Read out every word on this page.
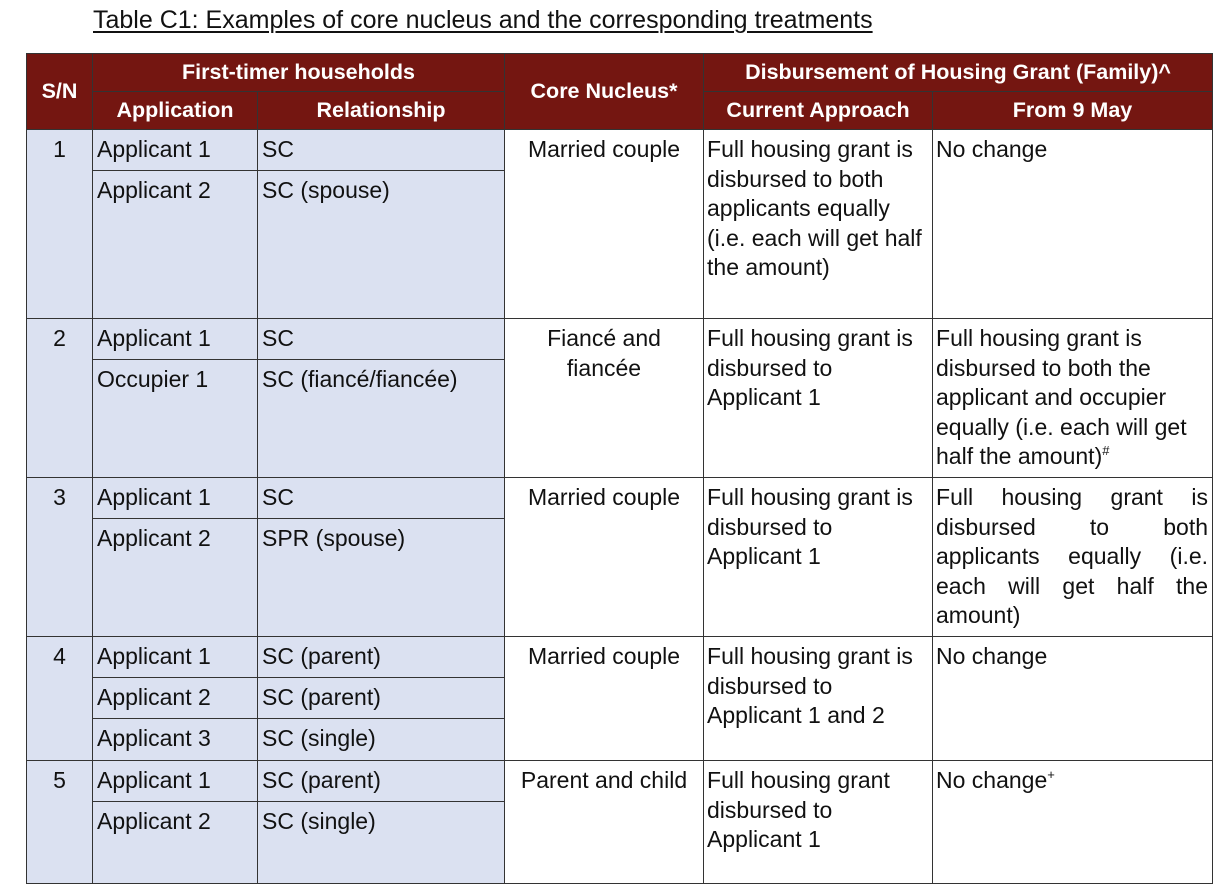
Table C1: Examples of core nucleus and the corresponding treatments
S/N	First-timer households		Core Nucleus*	Disbursement of Housing Grant (Family)^	
	Application	Relationship		Current Approach	From 9 May
1	Applicant 1	SC	Married couple	Full housing grant is disbursed to both applicants equally (i.e. each will get half the amount)	No change
	Applicant 2	SC (spouse)			
2	Applicant 1	SC	Fiancé and fiancée	Full housing grant is disbursed to Applicant 1	Full housing grant is disbursed to both the applicant and occupier equally (i.e. each will get half the amount)#
	Occupier 1	SC (fiancé/fiancée)			
3	Applicant 1	SC	Married couple	Full housing grant is disbursed to Applicant 1	Full housing grant is disbursed to both applicants equally (i.e. each will get half the amount)
	Applicant 2	SPR (spouse)			
4	Applicant 1	SC (parent)	Married couple	Full housing grant is disbursed to Applicant 1 and 2	No change
	Applicant 2	SC (parent)			
	Applicant 3	SC (single)			
5	Applicant 1	SC (parent)	Parent and child	Full housing grant disbursed to Applicant 1	No change+
	Applicant 2	SC (single)			
